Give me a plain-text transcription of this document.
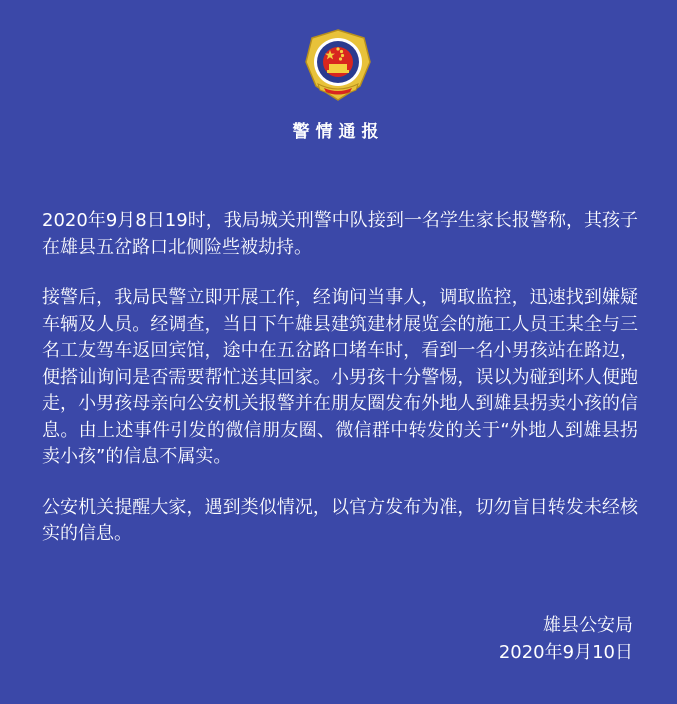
警情通报

2020年9月8日19时，我局城关刑警中队接到一名学生家长报警称，其孩子在雄县五岔路口北侧险些被劫持。

接警后，我局民警立即开展工作，经询问当事人，调取监控，迅速找到嫌疑车辆及人员。经调查，当日下午雄县建筑建材展览会的施工人员王某全与三名工友驾车返回宾馆，途中在五岔路口堵车时，看到一名小男孩站在路边，便搭讪询问是否需要帮忙送其回家。小男孩十分警惕，误以为碰到坏人便跑走，小男孩母亲向公安机关报警并在朋友圈发布外地人到雄县拐卖小孩的信息。由上述事件引发的微信朋友圈、微信群中转发的关于“外地人到雄县拐卖小孩”的信息不属实。

公安机关提醒大家，遇到类似情况，以官方发布为准，切勿盲目转发未经核实的信息。

雄县公安局
2020年9月10日
